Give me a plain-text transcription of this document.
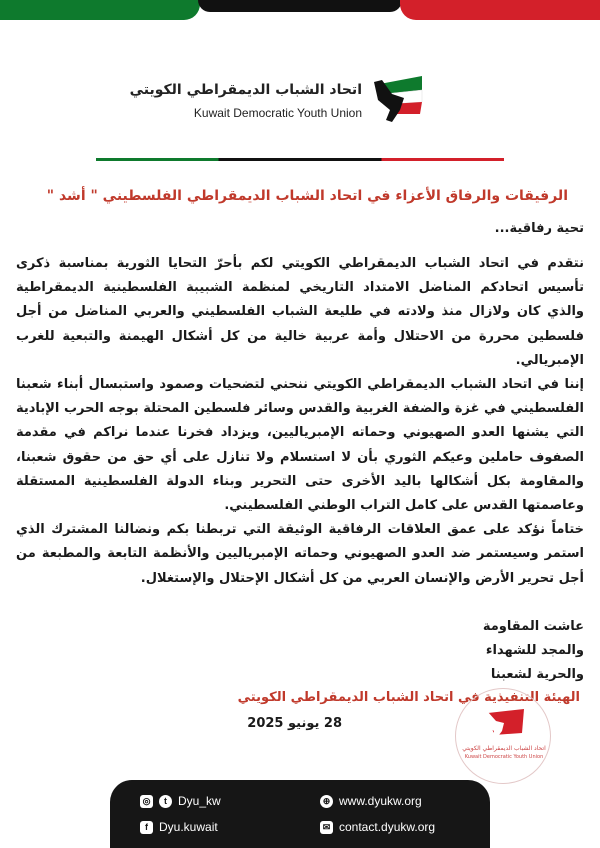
اتحاد الشباب الديمقراطي الكويتي
Kuwait Democratic Youth Union
الرفيقات والرفاق الأعزاء في اتحاد الشباب الديمقراطي الفلسطيني " أشد "
تحية رفاقية...

نتقدم في اتحاد الشباب الديمقراطي الكويتي لكم بأحرّ التحايا الثورية بمناسبة ذكرى تأسيس اتحادكم المناضل الامتداد التاريخي لمنظمة الشبيبة الفلسطينية الديمقراطية والذي كان ولازال منذ ولادته في طليعة الشباب الفلسطيني والعربي المناضل من أجل فلسطين محررة من الاحتلال وأمة عربية خالية من كل أشكال الهيمنة والتبعية للغرب الإمبريالي.

إننا في اتحاد الشباب الديمقراطي الكويتي ننحني لتضحيات وصمود واستبسال أبناء شعبنا الفلسطيني في غزة والضفة الغربية والقدس وسائر فلسطين المحتلة بوجه الحرب الإبادية التي يشنها العدو الصهيوني وحماته الإمبرياليين، ويزداد فخرنا عندما نراكم في مقدمة الصفوف حاملين وعيكم الثوري بأن لا استسلام ولا تنازل على أي حق من حقوق شعبنا، والمقاومة بكل أشكالها باليد الأخرى حتى التحرير وبناء الدولة الفلسطينية المستقلة وعاصمتها القدس على كامل التراب الوطني الفلسطيني.

ختاماً نؤكد على عمق العلاقات الرفاقية الوثيقة التي تربطنا بكم ونضالنا المشترك الذي استمر وسيستمر ضد العدو الصهيوني وحماته الإمبرياليين والأنظمة التابعة والمطبعة من أجل تحرير الأرض والإنسان العربي من كل أشكال الإحتلال والإستغلال.

عاشت المقاومة
والمجد للشهداء
والحرية لشعبنا
الهيئة التنفيذية في اتحاد الشباب الديمقراطي الكويتي
28 يونيو 2025
اتحاد الشباب الديمقراطي الكويتي
Kuwait Democratic Youth Union
◎	t Dyu_kw
f Dyu.kuwait
⊕ www.dyukw.org
✉ contact.dyukw.org
